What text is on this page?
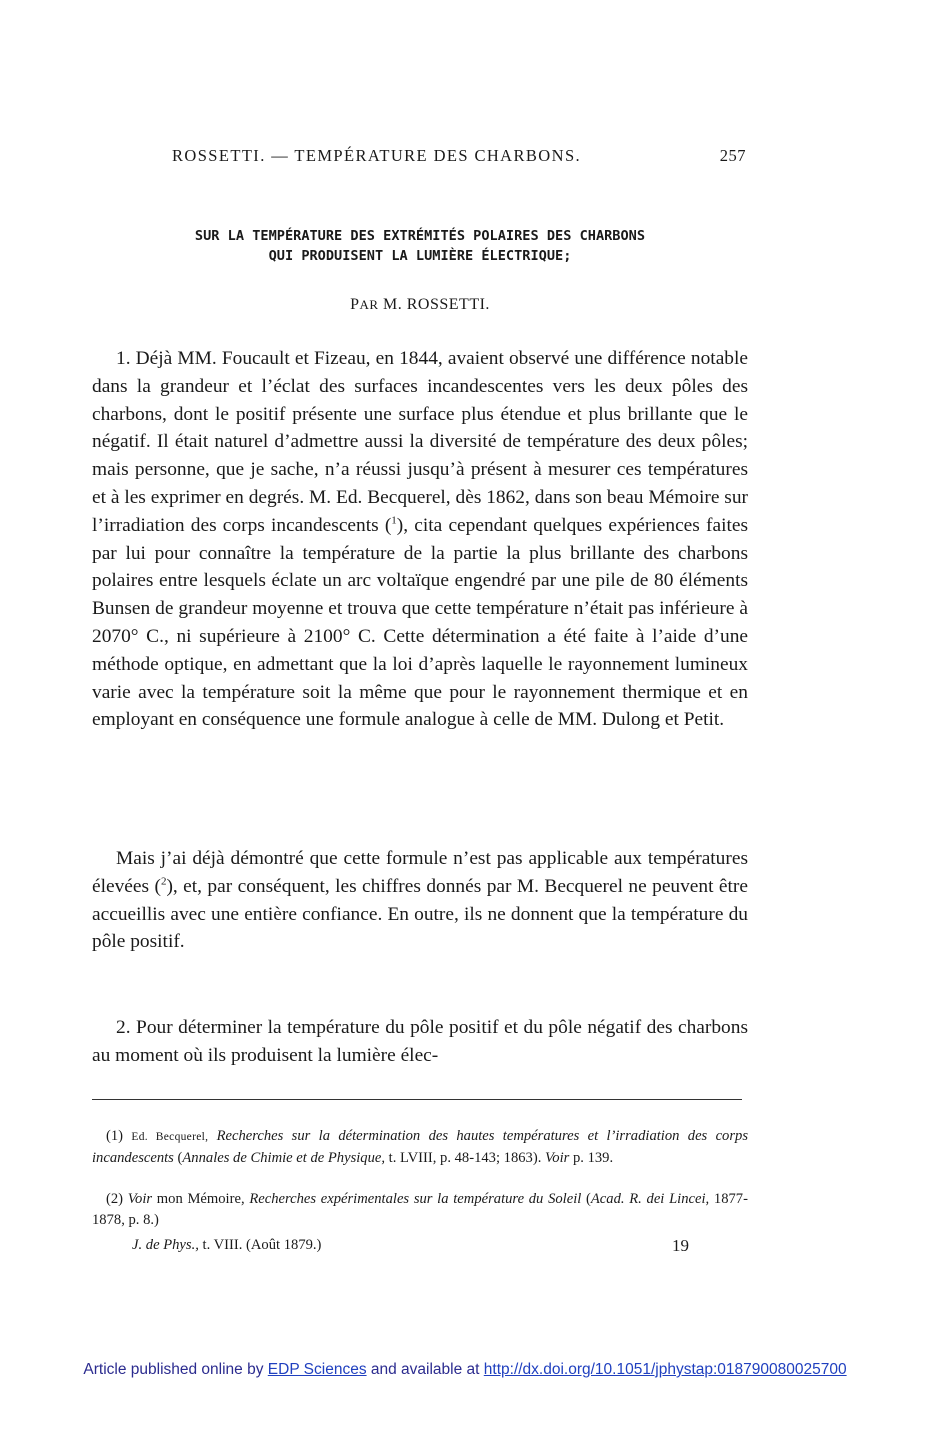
ROSSETTI. — TEMPÉRATURE DES CHARBONS.	257
SUR LA TEMPÉRATURE DES EXTRÉMITÉS POLAIRES DES CHARBONS
QUI PRODUISENT LA LUMIÈRE ÉLECTRIQUE;
PAR M. ROSSETTI.

1. Déjà MM. Foucault et Fizeau, en 1844, avaient observé une différence notable dans la grandeur et l’éclat des surfaces incandescentes vers les deux pôles des charbons, dont le positif présente une surface plus étendue et plus brillante que le négatif. Il était naturel d’admettre aussi la diversité de température des deux pôles; mais personne, que je sache, n’a réussi jusqu’à présent à mesurer ces températures et à les exprimer en degrés. M. Ed. Becquerel, dès 1862, dans son beau Mémoire sur l’irradiation des corps incandescents ($^1$), cita cependant quelques expériences faites par lui pour connaître la température de la partie la plus brillante des charbons polaires entre lesquels éclate un arc voltaïque engendré par une pile de 80 éléments Bunsen de grandeur moyenne et trouva que cette température n’était pas inférieure à 2070° C., ni supérieure à 2100° C. Cette détermination a été faite à l’aide d’une méthode optique, en admettant que la loi d’après laquelle le rayonnement lumineux varie avec la température soit la même que pour le rayonnement thermique et en employant en conséquence une formule analogue à celle de MM. Dulong et Petit.

Mais j’ai déjà démontré que cette formule n’est pas applicable aux températures élevées ($^2$), et, par conséquent, les chiffres donnés par M. Becquerel ne peuvent être accueillis avec une entière confiance. En outre, ils ne donnent que la température du pôle positif.

2. Pour déterminer la température du pôle positif et du pôle négatif des charbons au moment où ils produisent la lumière élec-

(1) Ed. Becquerel, Recherches sur la détermination des hautes températures et l’irradiation des corps incandescents (Annales de Chimie et de Physique, t. LVIII, p. 48-143; 1863). Voir p. 139.
(2) Voir mon Mémoire, Recherches expérimentales sur la température du Soleil (Acad. R. dei Lincei, 1877-1878, p. 8.)
J. de Phys., t. VIII. (Août 1879.)	19
Article published online by EDP Sciences and available at http://dx.doi.org/10.1051/jphystap:018790080025700
